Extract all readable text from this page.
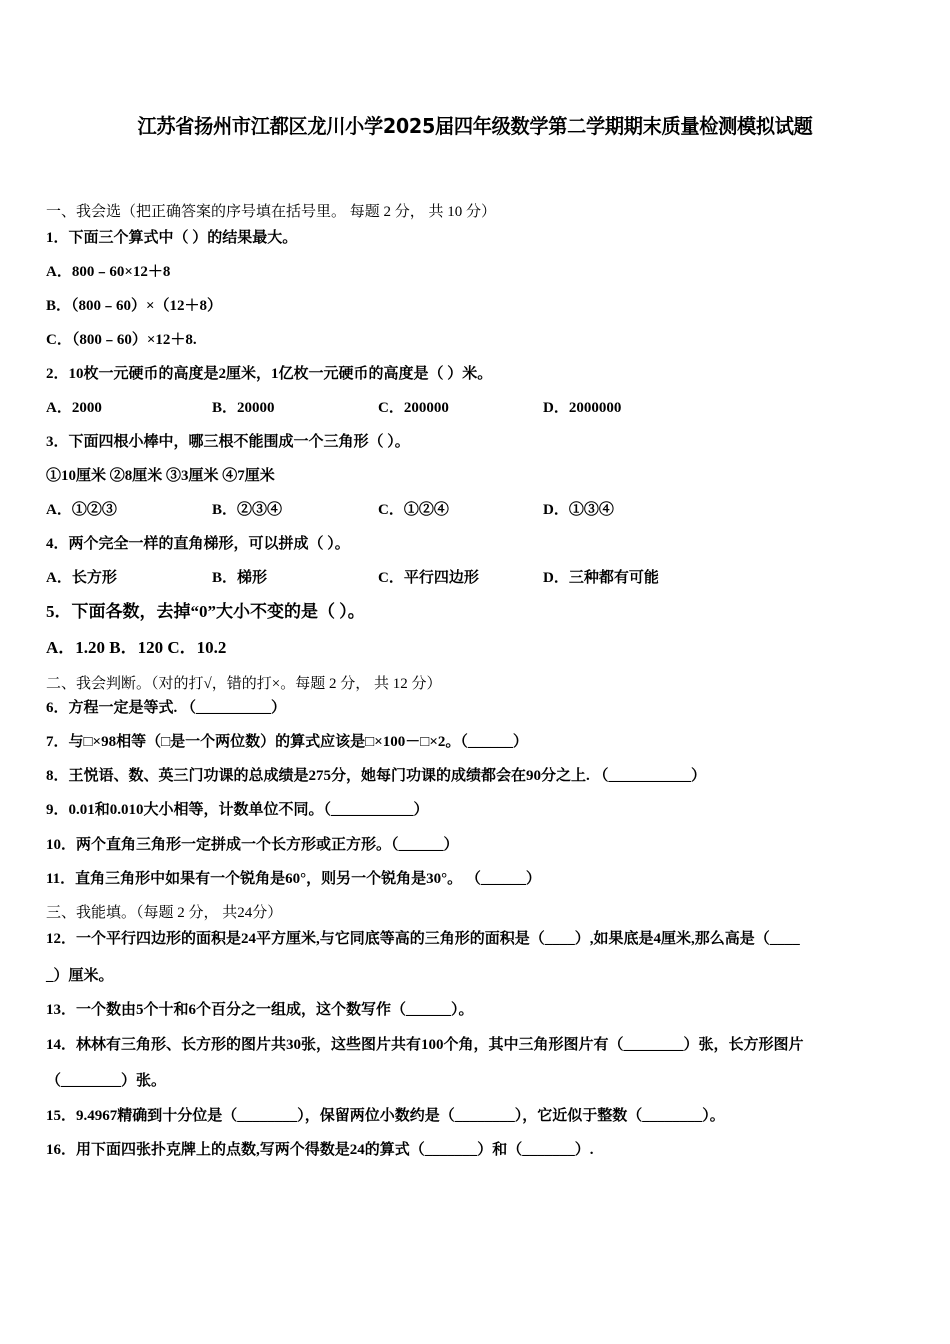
江苏省扬州市江都区龙川小学2025届四年级数学第二学期期末质量检测模拟试题
一、我会选（把正确答案的序号填在括号里。 每题 2 分， 共 10 分）
1．下面三个算式中（ ）的结果最大。
A．800﹣60×12＋8
B．（800﹣60）×（12＋8）
C．（800﹣60）×12＋8.
2．10枚一元硬币的高度是2厘米，1亿枚一元硬币的高度是（ ）米。
A．2000	B．20000	C．200000	D．2000000
3．下面四根小棒中，哪三根不能围成一个三角形（ ）。
①10厘米 ②8厘米 ③3厘米 ④7厘米
A．①②③	B．②③④	C．①②④	D．①③④
4．两个完全一样的直角梯形，可以拼成（ ）。
A．长方形	B．梯形	C．平行四边形	D．三种都有可能
5．下面各数，去掉“0”大小不变的是（ ）。
A．1.20 B．120 C．10.2
二、我会判断。（对的打√，错的打×。每题 2 分， 共 12 分）
6．方程一定是等式. （__________）
7．与□×98相等（□是一个两位数）的算式应该是□×100－□×2。（______）
8．王悦语、数、英三门功课的总成绩是275分，她每门功课的成绩都会在90分之上. （___________）
9．0.01和0.010大小相等，计数单位不同。（___________）
10．两个直角三角形一定拼成一个长方形或正方形。（______）
11．直角三角形中如果有一个锐角是60°，则另一个锐角是30°。 （______）
三、我能填。（每题 2 分， 共24分）
12．一个平行四边形的面积是24平方厘米,与它同底等高的三角形的面积是（____）,如果底是4厘米,那么高是（____
_）厘米。
13．一个数由5个十和6个百分之一组成，这个数写作（______）。
14．林林有三角形、长方形的图片共30张，这些图片共有100个角，其中三角形图片有（________）张，长方形图片
（________）张。
15．9.4967精确到十分位是（________），保留两位小数约是（________），它近似于整数（________）。
16．用下面四张扑克牌上的点数,写两个得数是24的算式（_______）和（_______）.
